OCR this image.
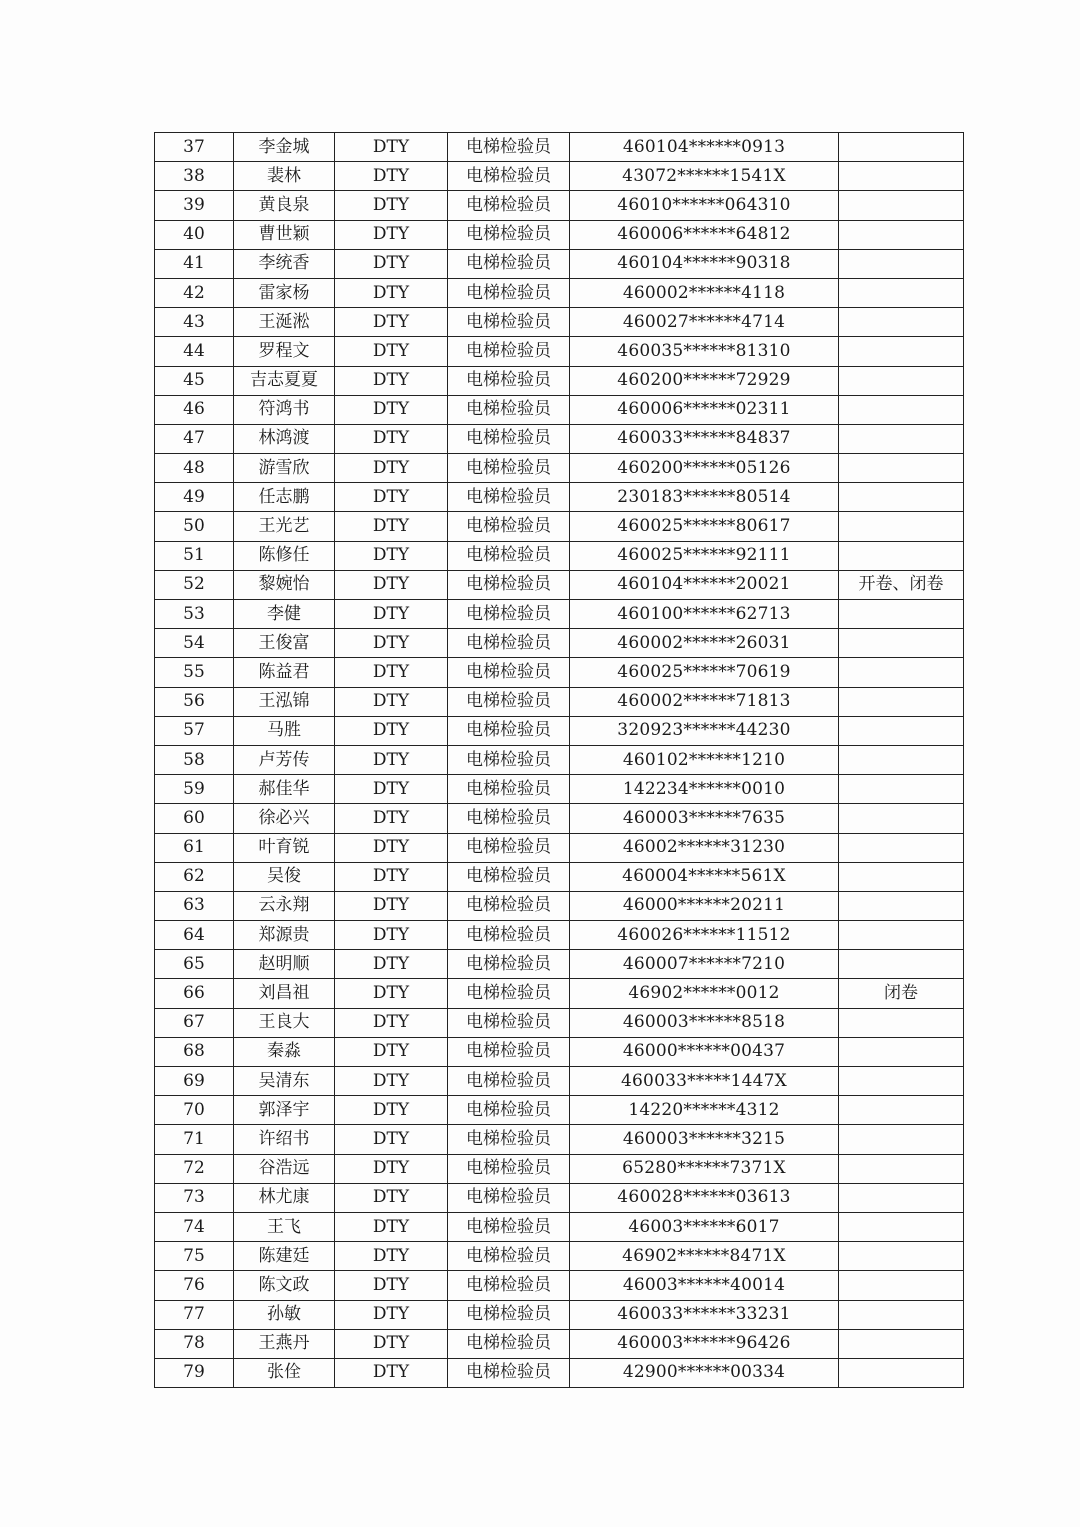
37	李金城	DTY	电梯检验员	460104******0913	
38	裴林	DTY	电梯检验员	43072******1541X	
39	黄良泉	DTY	电梯检验员	46010******064310	
40	曹世颖	DTY	电梯检验员	460006******64812	
41	李统香	DTY	电梯检验员	460104******90318	
42	雷家杨	DTY	电梯检验员	460002******4118	
43	王涎淞	DTY	电梯检验员	460027******4714	
44	罗程文	DTY	电梯检验员	460035******81310	
45	吉志夏夏	DTY	电梯检验员	460200******72929	
46	符鸿书	DTY	电梯检验员	460006******02311	
47	林鸿渡	DTY	电梯检验员	460033******84837	
48	游雪欣	DTY	电梯检验员	460200******05126	
49	任志鹏	DTY	电梯检验员	230183******80514	
50	王光艺	DTY	电梯检验员	460025******80617	
51	陈修任	DTY	电梯检验员	460025******92111	
52	黎婉怡	DTY	电梯检验员	460104******20021	开卷、闭卷
53	李健	DTY	电梯检验员	460100******62713	
54	王俊富	DTY	电梯检验员	460002******26031	
55	陈益君	DTY	电梯检验员	460025******70619	
56	王泓锦	DTY	电梯检验员	460002******71813	
57	马胜	DTY	电梯检验员	320923******44230	
58	卢芳传	DTY	电梯检验员	460102******1210	
59	郝佳华	DTY	电梯检验员	142234******0010	
60	徐必兴	DTY	电梯检验员	460003******7635	
61	叶育锐	DTY	电梯检验员	46002******31230	
62	吴俊	DTY	电梯检验员	460004******561X	
63	云永翔	DTY	电梯检验员	46000******20211	
64	郑源贵	DTY	电梯检验员	460026******11512	
65	赵明顺	DTY	电梯检验员	460007******7210	
66	刘昌祖	DTY	电梯检验员	46902******0012	闭卷
67	王良大	DTY	电梯检验员	460003******8518	
68	秦淼	DTY	电梯检验员	46000******00437	
69	吴清东	DTY	电梯检验员	460033*****1447X	
70	郭泽宇	DTY	电梯检验员	14220******4312	
71	许绍书	DTY	电梯检验员	460003******3215	
72	谷浩远	DTY	电梯检验员	65280******7371X	
73	林尤康	DTY	电梯检验员	460028******03613	
74	王飞	DTY	电梯检验员	46003******6017	
75	陈建廷	DTY	电梯检验员	46902******8471X	
76	陈文政	DTY	电梯检验员	46003******40014	
77	孙敏	DTY	电梯检验员	460033******33231	
78	王燕丹	DTY	电梯检验员	460003******96426	
79	张佺	DTY	电梯检验员	42900******00334	
